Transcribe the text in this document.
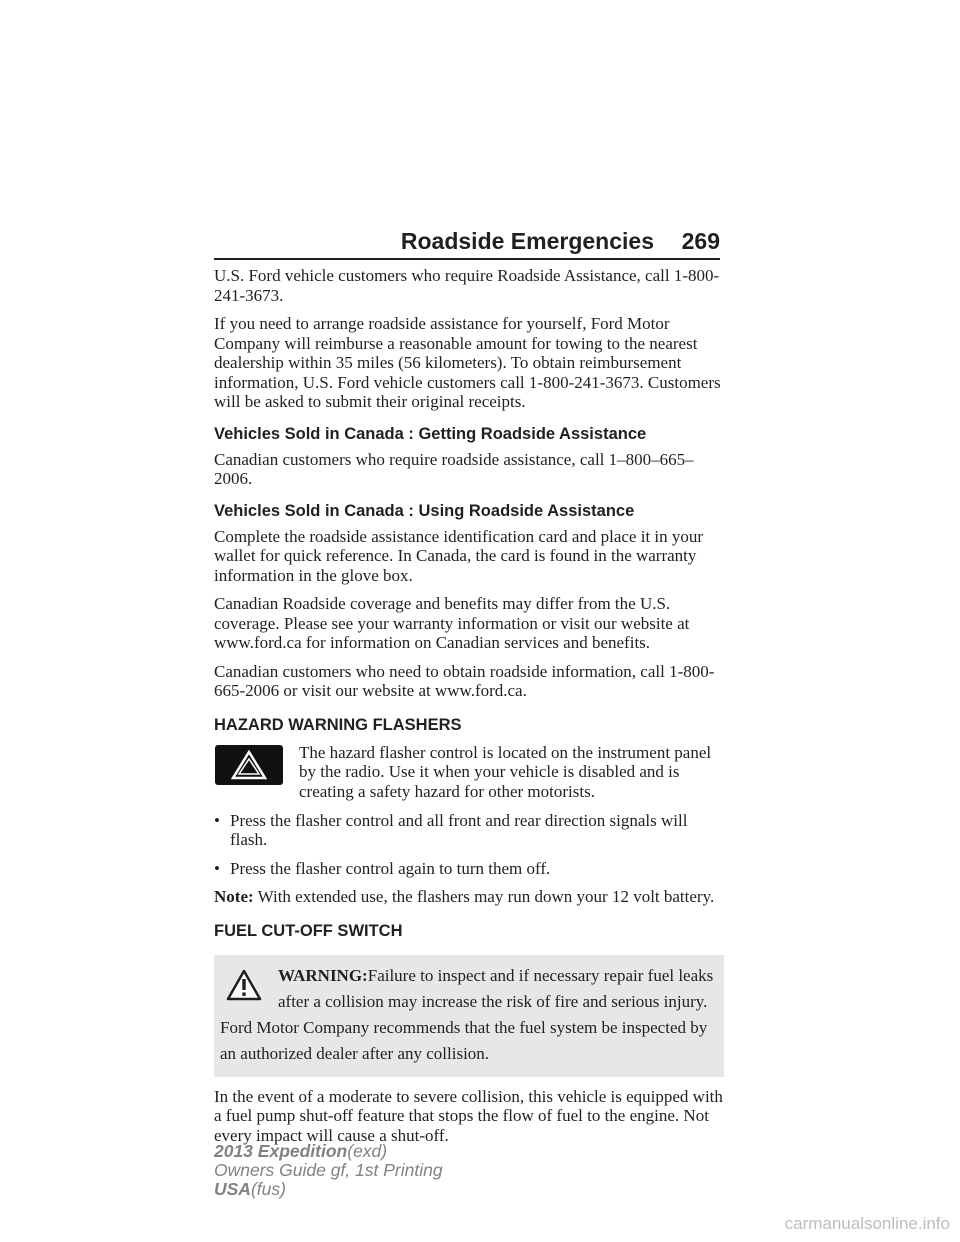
Roadside Emergencies 269

U.S. Ford vehicle customers who require Roadside Assistance, call 1-800-241-3673.

If you need to arrange roadside assistance for yourself, Ford Motor Company will reimburse a reasonable amount for towing to the nearest dealership within 35 miles (56 kilometers). To obtain reimbursement information, U.S. Ford vehicle customers call 1-800-241-3673. Customers will be asked to submit their original receipts.

Vehicles Sold in Canada : Getting Roadside Assistance

Canadian customers who require roadside assistance, call 1–800–665–2006.

Vehicles Sold in Canada : Using Roadside Assistance

Complete the roadside assistance identification card and place it in your wallet for quick reference. In Canada, the card is found in the warranty information in the glove box.

Canadian Roadside coverage and benefits may differ from the U.S. coverage. Please see your warranty information or visit our website at www.ford.ca for information on Canadian services and benefits.

Canadian customers who need to obtain roadside information, call 1-800-665-2006 or visit our website at www.ford.ca.

HAZARD WARNING FLASHERS

The hazard flasher control is located on the instrument panel by the radio. Use it when your vehicle is disabled and is creating a safety hazard for other motorists.

• Press the flasher control and all front and rear direction signals will flash.

• Press the flasher control again to turn them off.

Note: With extended use, the flashers may run down your 12 volt battery.

FUEL CUT-OFF SWITCH
WARNING:Failure to inspect and if necessary repair fuel leaks after a collision may increase the risk of fire and serious injury.
Ford Motor Company recommends that the fuel system be inspected by an authorized dealer after any collision.

In the event of a moderate to severe collision, this vehicle is equipped with a fuel pump shut-off feature that stops the flow of fuel to the engine. Not every impact will cause a shut-off.

2013 Expedition(exd)
Owners Guide gf, 1st Printing
USA(fus)
carmanualsonline.info
